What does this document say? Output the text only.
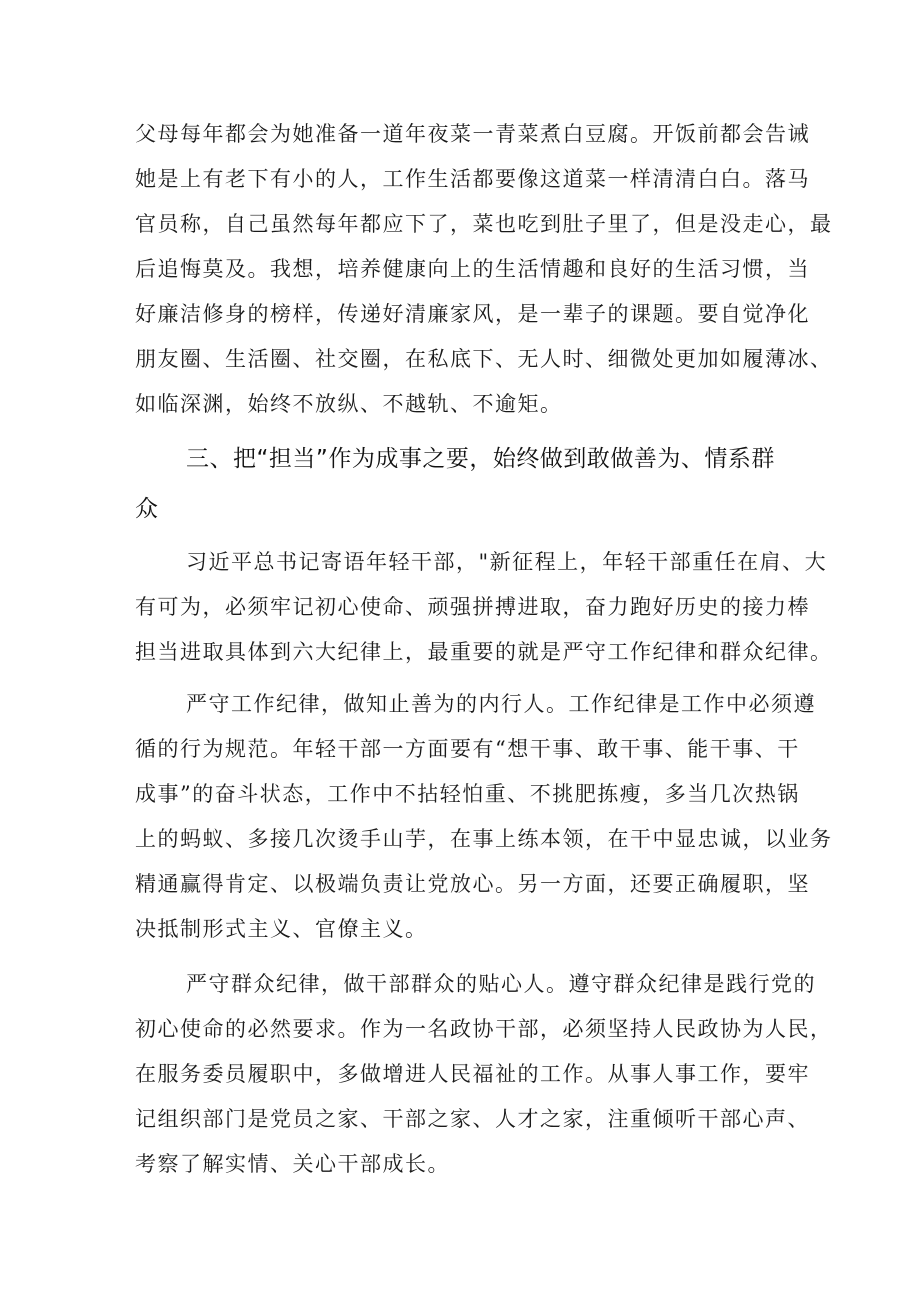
父母每年都会为她准备一道年夜菜一青菜煮白豆腐。开饭前都会告诫
她是上有老下有小的人，工作生活都要像这道菜一样清清白白。落马
官员称，自己虽然每年都应下了，菜也吃到肚子里了，但是没走心，最
后追悔莫及。我想，培养健康向上的生活情趣和良好的生活习惯，当
好廉洁修身的榜样，传递好清廉家风，是一辈子的课题。要自觉净化
朋友圈、生活圈、社交圈，在私底下、无人时、细微处更加如履薄冰、
如临深渊，始终不放纵、不越轨、不逾矩。
三、把“担当”作为成事之要，始终做到敢做善为、情系群
众
习近平总书记寄语年轻干部，"新征程上，年轻干部重任在肩、大
有可为，必须牢记初心使命、顽强拼搏进取，奋力跑好历史的接力棒
担当进取具体到六大纪律上，最重要的就是严守工作纪律和群众纪律。
严守工作纪律，做知止善为的内行人。工作纪律是工作中必须遵
循的行为规范。年轻干部一方面要有“想干事、敢干事、能干事、干
成事”的奋斗状态，工作中不拈轻怕重、不挑肥拣瘦，多当几次热锅
上的蚂蚁、多接几次烫手山芋，在事上练本领，在干中显忠诚，以业务
精通赢得肯定、以极端负责让党放心。另一方面，还要正确履职，坚
决抵制形式主义、官僚主义。
严守群众纪律，做干部群众的贴心人。遵守群众纪律是践行党的
初心使命的必然要求。作为一名政协干部，必须坚持人民政协为人民，
在服务委员履职中，多做增进人民福祉的工作。从事人事工作，要牢
记组织部门是党员之家、干部之家、人才之家，注重倾听干部心声、
考察了解实情、关心干部成长。
